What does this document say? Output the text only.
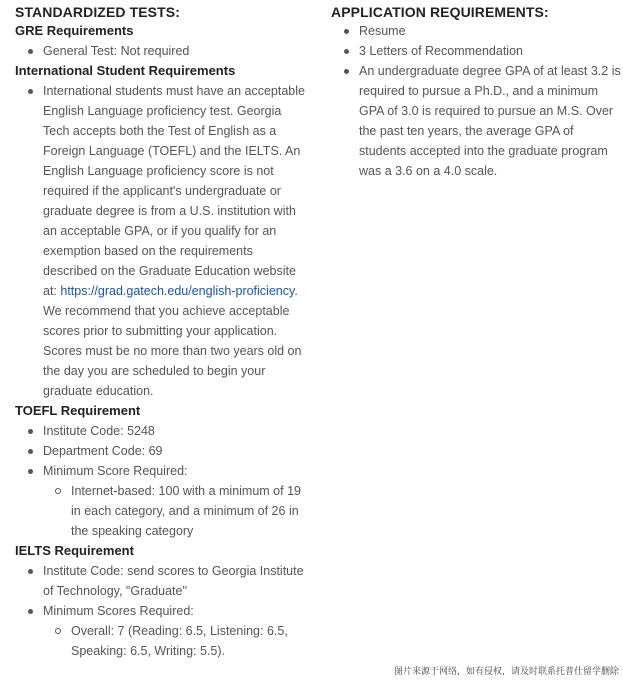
STANDARDIZED TESTS:
GRE Requirements
General Test: Not required
International Student Requirements
International students must have an acceptable English Language proficiency test. Georgia Tech accepts both the Test of English as a Foreign Language (TOEFL) and the IELTS. An English Language proficiency score is not required if the applicant's undergraduate or graduate degree is from a U.S. institution with an acceptable GPA, or if you qualify for an exemption based on the requirements described on the Graduate Education website at: https://grad.gatech.edu/english-proficiency. We recommend that you achieve acceptable scores prior to submitting your application. Scores must be no more than two years old on the day you are scheduled to begin your graduate education.
TOEFL Requirement
Institute Code: 5248
Department Code: 69
Minimum Score Required:
Internet-based: 100 with a minimum of 19 in each category, and a minimum of 26 in the speaking category
IELTS Requirement
Institute Code: send scores to Georgia Institute of Technology, "Graduate"
Minimum Scores Required:
Overall: 7 (Reading: 6.5, Listening: 6.5, Speaking: 6.5, Writing: 5.5).
APPLICATION REQUIREMENTS:
Resume
3 Letters of Recommendation
An undergraduate degree GPA of at least 3.2 is required to pursue a Ph.D., and a minimum GPA of 3.0 is required to pursue an M.S. Over the past ten years, the average GPA of students accepted into the graduate program was a 3.6 on a 4.0 scale.
图片来源于网络，如有侵权，请及时联系托普仕留学删除
